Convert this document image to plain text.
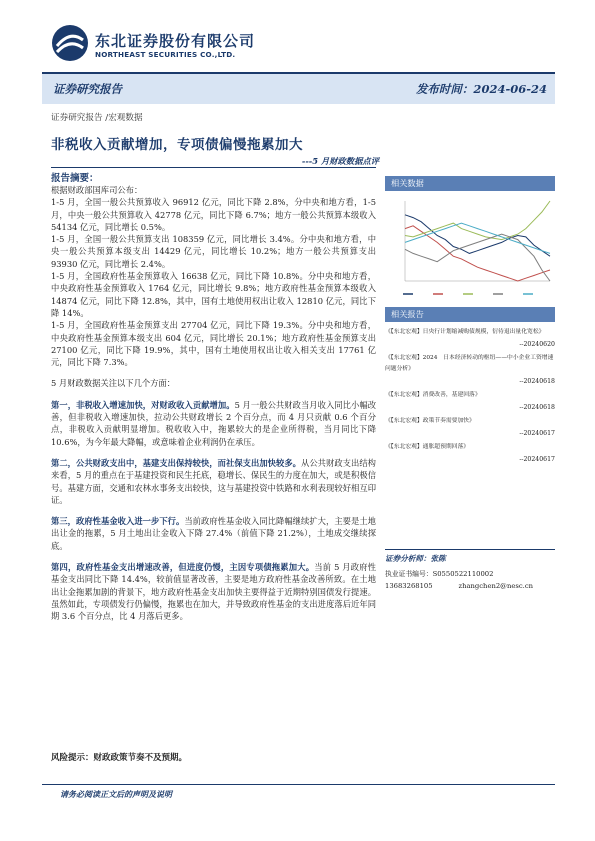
东北证券股份有限公司
NORTHEAST SECURITIES CO.,LTD.
证券研究报告	发布时间：2024-06-24
证券研究报告 /宏观数据
非税收入贡献增加，专项债偏慢拖累加大
---5 月财政数据点评
报告摘要：

根据财政部国库司公布：

1-5 月，全国一般公共预算收入 96912 亿元，同比下降 2.8%，分中央和地方看，1-5 月，中央一般公共预算收入 42778 亿元，同比下降 6.7%；地方一般公共预算本级收入 54134 亿元，同比增长 0.5%。

1-5 月，全国一般公共预算支出 108359 亿元，同比增长 3.4%。分中央和地方看，中央一般公共预算本级支出 14429 亿元，同比增长 10.2%；地方一般公共预算支出 93930 亿元，同比增长 2.4%。

1-5 月，全国政府性基金预算收入 16638 亿元，同比下降 10.8%。分中央和地方看，中央政府性基金预算收入 1764 亿元，同比增长 9.8%；地方政府性基金预算本级收入 14874 亿元，同比下降 12.8%，其中，国有土地使用权出让收入 12810 亿元，同比下降 14%。

1-5 月，全国政府性基金预算支出 27704 亿元，同比下降 19.3%。分中央和地方看，中央政府性基金预算本级支出 604 亿元，同比增长 20.1%；地方政府性基金预算支出 27100 亿元，同比下降 19.9%，其中，国有土地使用权出让收入相关支出 17761 亿元，同比下降 7.3%。

5 月财政数据关注以下几个方面：

第一，非税收入增速加快，对财政收入贡献增加。5 月一般公共财政当月收入同比小幅改善，但非税收入增速加快，拉动公共财政增长 2 个百分点，而 4 月只贡献 0.6 个百分点，非税收入贡献明显增加。税收收入中，拖累较大的是企业所得税，当月同比下降 10.6%，为今年最大降幅，或意味着企业利润仍在承压。

第二，公共财政支出中，基建支出保持较快，而社保支出加快较多。从公共财政支出结构来看，5 月的重点在于基建投资和民生托底，稳增长、保民生的力度在加大，或是积极信号。基建方面，交通和农林水事务支出较快，这与基建投资中铁路和水利表现较好相互印证。

第三，政府性基金收入进一步下行。当前政府性基金收入同比降幅继续扩大，主要是土地出让金的拖累，5 月土地出让金收入下降 27.4%（前值下降 21.2%），土地成交继续探底。

第四，政府性基金支出增速改善，但进度仍慢，主因专项债拖累加大。当前 5 月政府性基金支出同比下降 14.4%，较前值显著改善，主要是地方政府性基金改善所致。在土地出让金拖累加剧的背景下，地方政府性基金支出加快主要得益于近期特别国债发行提速。虽然如此，专项债发行仍偏慢，拖累也在加大，并导致政府性基金的支出进度落后近年同期 3.6 个百分点，比 4 月落后更多。

相关数据
相关报告
《【东北宏观】日央行计划缩减购债规模，衍待退出量化宽松》
--20240620
《【东北宏观】2024　日本经济转动的枢纽——中小企业工资增速问题分析》
--20240618
《【东北宏观】消费改善，基建回落》
--20240618
《【东北宏观】政策节奏需要加快》
--20240617
《【东北宏观】通胀超预期回落》
--20240617
证券分析师：张陈
执业证书编号：S0550522110002
13683268105	zhangchen2@nesc.cn
风险提示：财政政策节奏不及预期。
请务必阅读正文后的声明及说明
